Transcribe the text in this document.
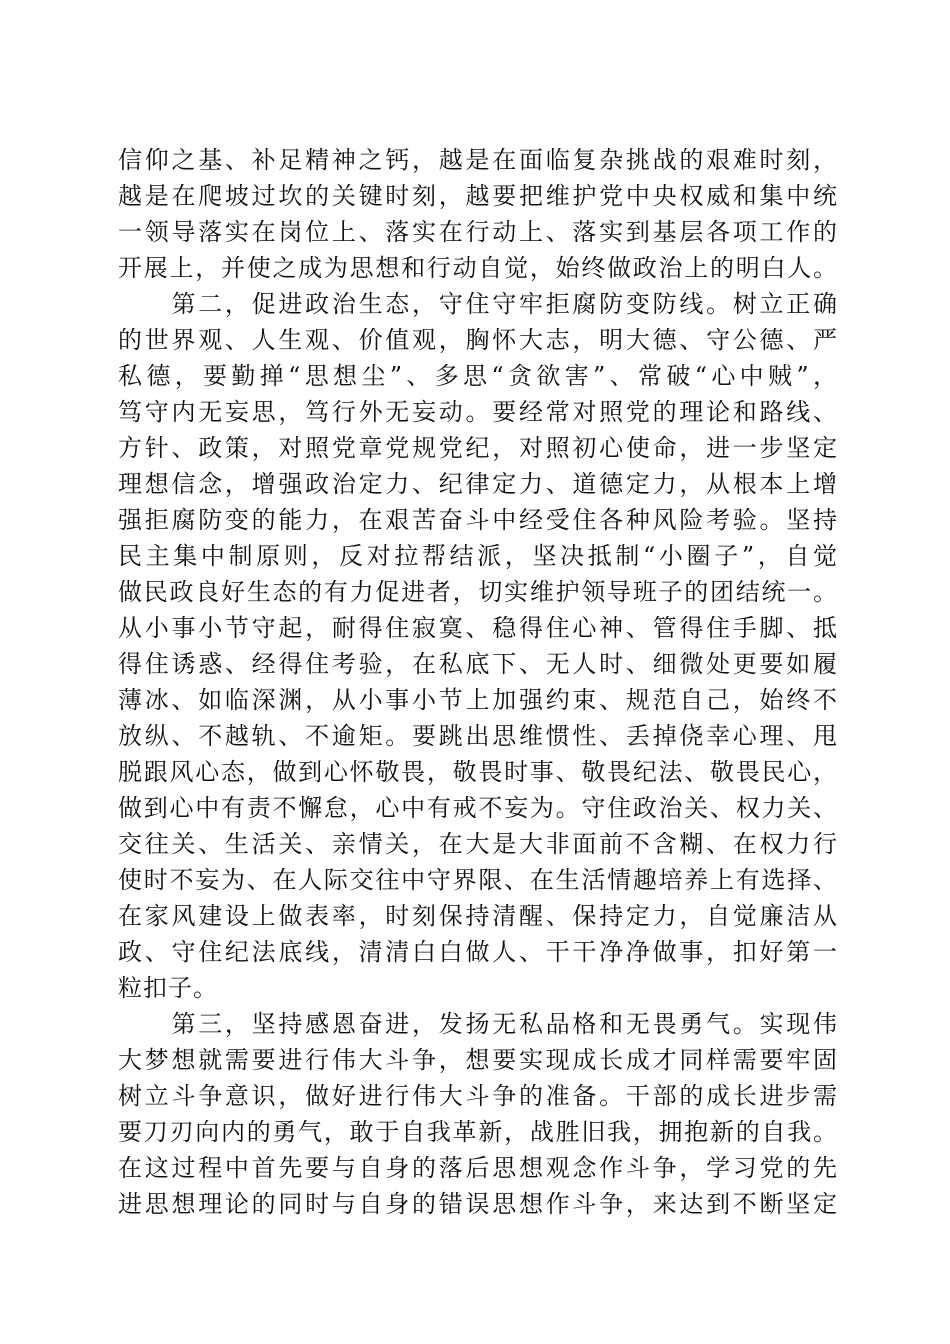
信仰之基、补足精神之钙，越是在面临复杂挑战的艰难时刻，
越是在爬坡过坎的关键时刻，越要把维护党中央权威和集中统
一领导落实在岗位上、落实在行动上、落实到基层各项工作的
开展上，并使之成为思想和行动自觉，始终做政治上的明白人。
　　第二，促进政治生态，守住守牢拒腐防变防线。树立正确
的世界观、人生观、价值观，胸怀大志，明大德、守公德、严
私德，要勤掸“思想尘”、多思“贪欲害”、常破“心中贼”，
笃守内无妄思，笃行外无妄动。要经常对照党的理论和路线、
方针、政策，对照党章党规党纪，对照初心使命，进一步坚定
理想信念，增强政治定力、纪律定力、道德定力，从根本上增
强拒腐防变的能力，在艰苦奋斗中经受住各种风险考验。坚持
民主集中制原则，反对拉帮结派，坚决抵制“小圈子”，自觉
做民政良好生态的有力促进者，切实维护领导班子的团结统一。
从小事小节守起，耐得住寂寞、稳得住心神、管得住手脚、抵
得住诱惑、经得住考验，在私底下、无人时、细微处更要如履
薄冰、如临深渊，从小事小节上加强约束、规范自己，始终不
放纵、不越轨、不逾矩。要跳出思维惯性、丢掉侥幸心理、甩
脱跟风心态，做到心怀敬畏，敬畏时事、敬畏纪法、敬畏民心，
做到心中有责不懈怠，心中有戒不妄为。守住政治关、权力关、
交往关、生活关、亲情关，在大是大非面前不含糊、在权力行
使时不妄为、在人际交往中守界限、在生活情趣培养上有选择、
在家风建设上做表率，时刻保持清醒、保持定力，自觉廉洁从
政、守住纪法底线，清清白白做人、干干净净做事，扣好第一
粒扣子。
　　第三，坚持感恩奋进，发扬无私品格和无畏勇气。实现伟
大梦想就需要进行伟大斗争，想要实现成长成才同样需要牢固
树立斗争意识，做好进行伟大斗争的准备。干部的成长进步需
要刀刃向内的勇气，敢于自我革新，战胜旧我，拥抱新的自我。
在这过程中首先要与自身的落后思想观念作斗争，学习党的先
进思想理论的同时与自身的错误思想作斗争，来达到不断坚定
